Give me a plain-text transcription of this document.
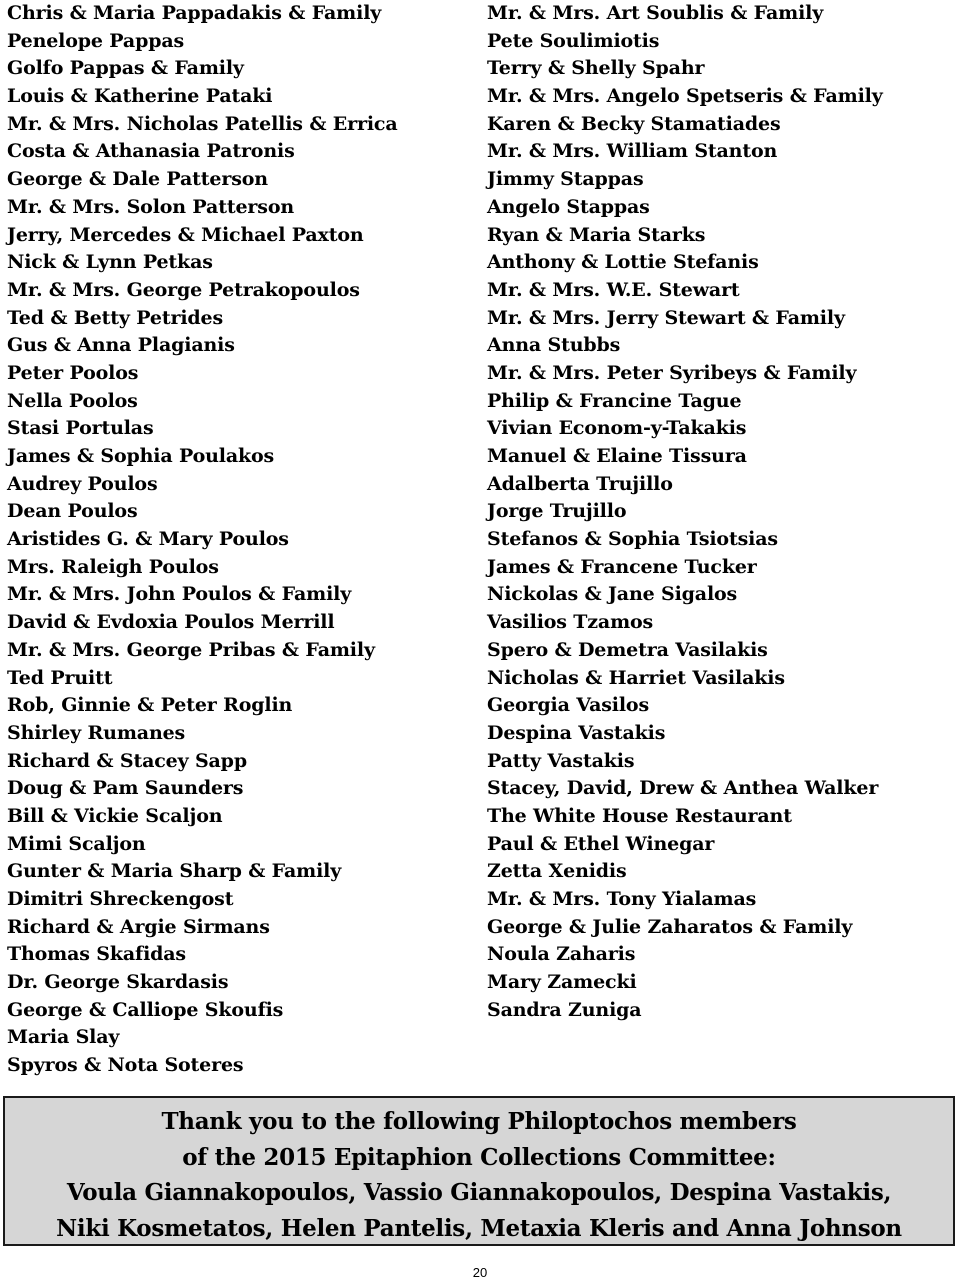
Chris & Maria Pappadakis & Family
Penelope Pappas
Golfo Pappas & Family
Louis & Katherine Pataki
Mr. & Mrs. Nicholas Patellis & Errica
Costa & Athanasia Patronis
George & Dale Patterson
Mr. & Mrs. Solon Patterson
Jerry, Mercedes & Michael Paxton
Nick & Lynn Petkas
Mr. & Mrs. George Petrakopoulos
Ted & Betty Petrides
Gus & Anna Plagianis
Peter Poolos
Nella Poolos
Stasi Portulas
James & Sophia Poulakos
Audrey Poulos
Dean Poulos
Aristides G. & Mary Poulos
Mrs. Raleigh Poulos
Mr. & Mrs. John Poulos & Family
David & Evdoxia Poulos Merrill
Mr. & Mrs. George Pribas & Family
Ted Pruitt
Rob, Ginnie & Peter Roglin
Shirley Rumanes
Richard & Stacey Sapp
Doug & Pam Saunders
Bill & Vickie Scaljon
Mimi Scaljon
Gunter & Maria Sharp & Family
Dimitri Shreckengost
Richard & Argie Sirmans
Thomas Skafidas
Dr. George Skardasis
George & Calliope Skoufis
Maria Slay
Spyros & Nota Soteres
Mr. & Mrs. Art Soublis & Family
Pete Soulimiotis
Terry & Shelly Spahr
Mr. & Mrs. Angelo Spetseris & Family
Karen & Becky Stamatiades
Mr. & Mrs. William Stanton
Jimmy Stappas
Angelo Stappas
Ryan & Maria Starks
Anthony & Lottie Stefanis
Mr. & Mrs. W.E. Stewart
Mr. & Mrs. Jerry Stewart & Family
Anna Stubbs
Mr. & Mrs. Peter Syribeys & Family
Philip & Francine Tague
Vivian Econom-y-Takakis
Manuel & Elaine Tissura
Adalberta Trujillo
Jorge Trujillo
Stefanos & Sophia Tsiotsias
James & Francene Tucker
Nickolas & Jane Sigalos
Vasilios Tzamos
Spero & Demetra Vasilakis
Nicholas & Harriet Vasilakis
Georgia Vasilos
Despina Vastakis
Patty Vastakis
Stacey, David, Drew & Anthea Walker
The White House Restaurant
Paul & Ethel Winegar
Zetta Xenidis
Mr. & Mrs. Tony Yialamas
George & Julie Zaharatos & Family
Noula Zaharis
Mary Zamecki
Sandra Zuniga
Thank you to the following Philoptochos members
of the 2015 Epitaphion Collections Committee:
Voula Giannakopoulos, Vassio Giannakopoulos, Despina Vastakis,
Niki Kosmetatos, Helen Pantelis, Metaxia Kleris and Anna Johnson
20
